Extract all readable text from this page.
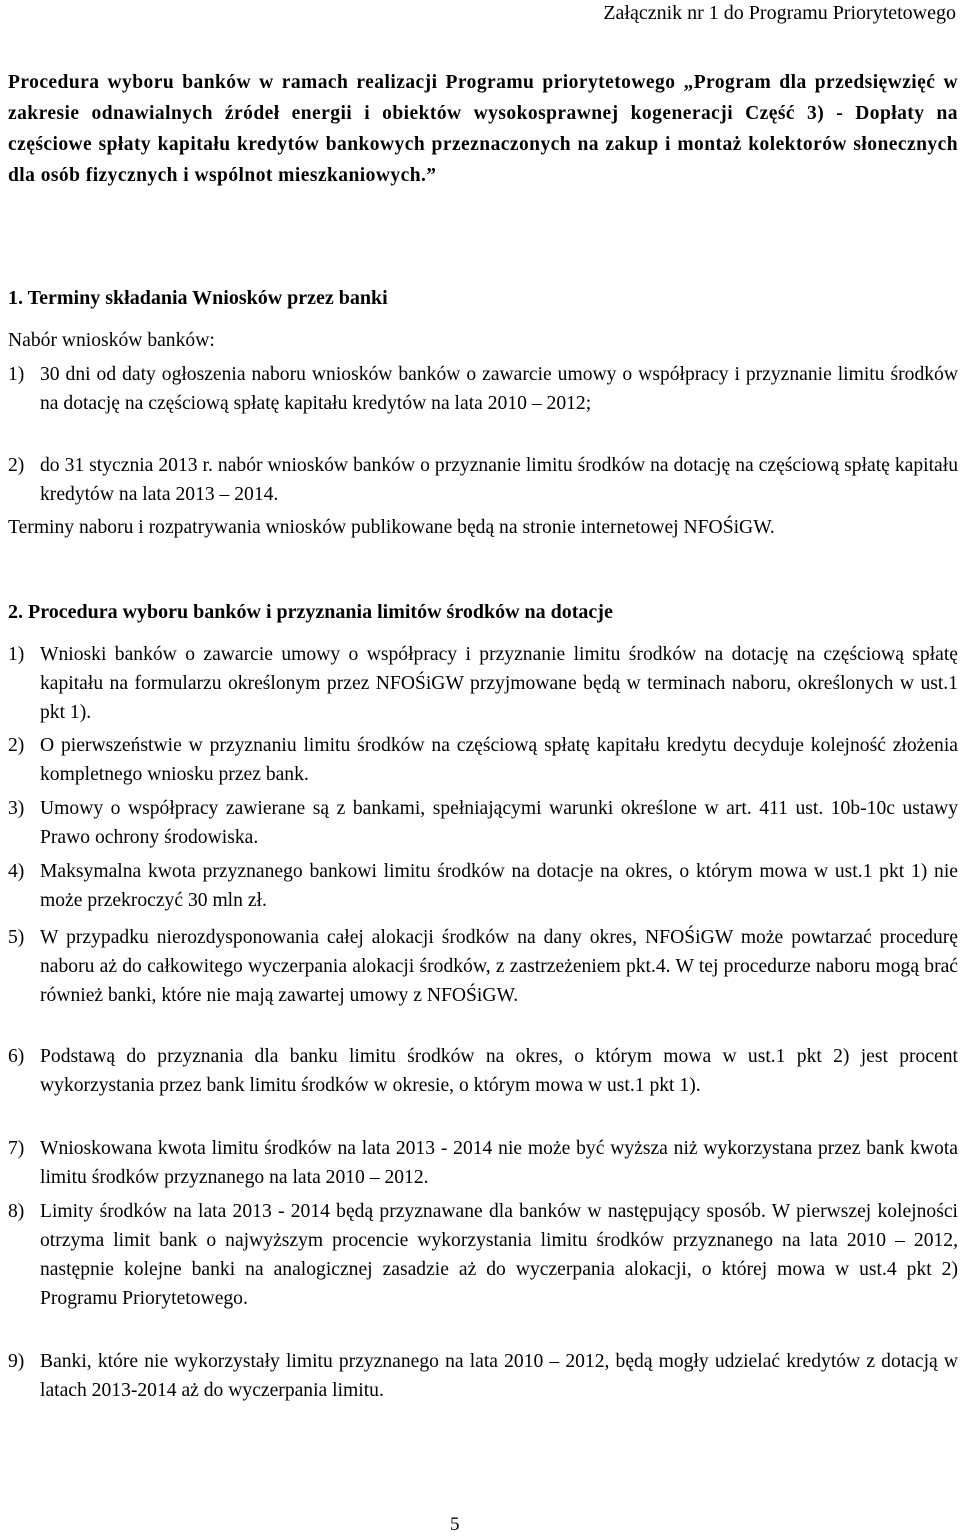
Załącznik nr 1 do Programu Priorytetowego
Procedura wyboru banków w ramach realizacji Programu priorytetowego „Program dla przedsięwzięć w zakresie odnawialnych źródeł energii i obiektów wysokosprawnej kogeneracji Część 3) - Dopłaty na częściowe spłaty kapitału kredytów bankowych przeznaczonych na zakup i montaż kolektorów słonecznych dla osób fizycznych i wspólnot mieszkaniowych.”
1. Terminy składania Wniosków przez banki
Nabór wniosków banków:
1) 30 dni od daty ogłoszenia naboru wniosków banków o zawarcie umowy o współpracy i przyznanie limitu środków na dotację na częściową spłatę kapitału kredytów na lata 2010 – 2012;
2) do 31 stycznia 2013 r. nabór wniosków banków o przyznanie limitu środków na dotację na częściową spłatę kapitału kredytów na lata 2013 – 2014.
Terminy naboru i rozpatrywania wniosków publikowane będą na stronie internetowej NFOŚiGW.
2. Procedura wyboru banków i przyznania limitów środków na dotacje
1) Wnioski banków o zawarcie umowy o współpracy i przyznanie limitu środków na dotację na częściową spłatę kapitału na formularzu określonym przez NFOŚiGW przyjmowane będą w terminach naboru, określonych w ust.1 pkt 1).
2) O pierwszeństwie w przyznaniu limitu środków na częściową spłatę kapitału kredytu decyduje kolejność złożenia kompletnego wniosku przez bank.
3) Umowy o współpracy zawierane są z bankami, spełniającymi warunki określone w art. 411 ust. 10b-10c ustawy Prawo ochrony środowiska.
4) Maksymalna kwota przyznanego bankowi limitu środków na dotacje na okres, o którym mowa w ust.1 pkt 1) nie może przekroczyć 30 mln zł.
5) W przypadku nierozdysponowania całej alokacji środków na dany okres, NFOŚiGW może powtarzać procedurę naboru aż do całkowitego wyczerpania alokacji środków, z zastrzeżeniem pkt.4. W tej procedurze naboru mogą brać również banki, które nie mają zawartej umowy z NFOŚiGW.
6) Podstawą do przyznania dla banku limitu środków na okres, o którym mowa w ust.1 pkt 2) jest procent wykorzystania przez bank limitu środków w okresie, o którym mowa w ust.1 pkt 1).
7) Wnioskowana kwota limitu środków na lata 2013 - 2014 nie może być wyższa niż wykorzystana przez bank kwota limitu środków przyznanego na lata 2010 – 2012.
8) Limity środków na lata 2013 - 2014 będą przyznawane dla banków w następujący sposób. W pierwszej kolejności otrzyma limit bank o najwyższym procencie wykorzystania limitu środków przyznanego na lata 2010 – 2012, następnie kolejne banki na analogicznej zasadzie aż do wyczerpania alokacji, o której mowa w ust.4 pkt 2) Programu Priorytetowego.
9) Banki, które nie wykorzystały limitu przyznanego na lata 2010 – 2012, będą mogły udzielać kredytów z dotacją w latach 2013-2014 aż do wyczerpania limitu.
5
